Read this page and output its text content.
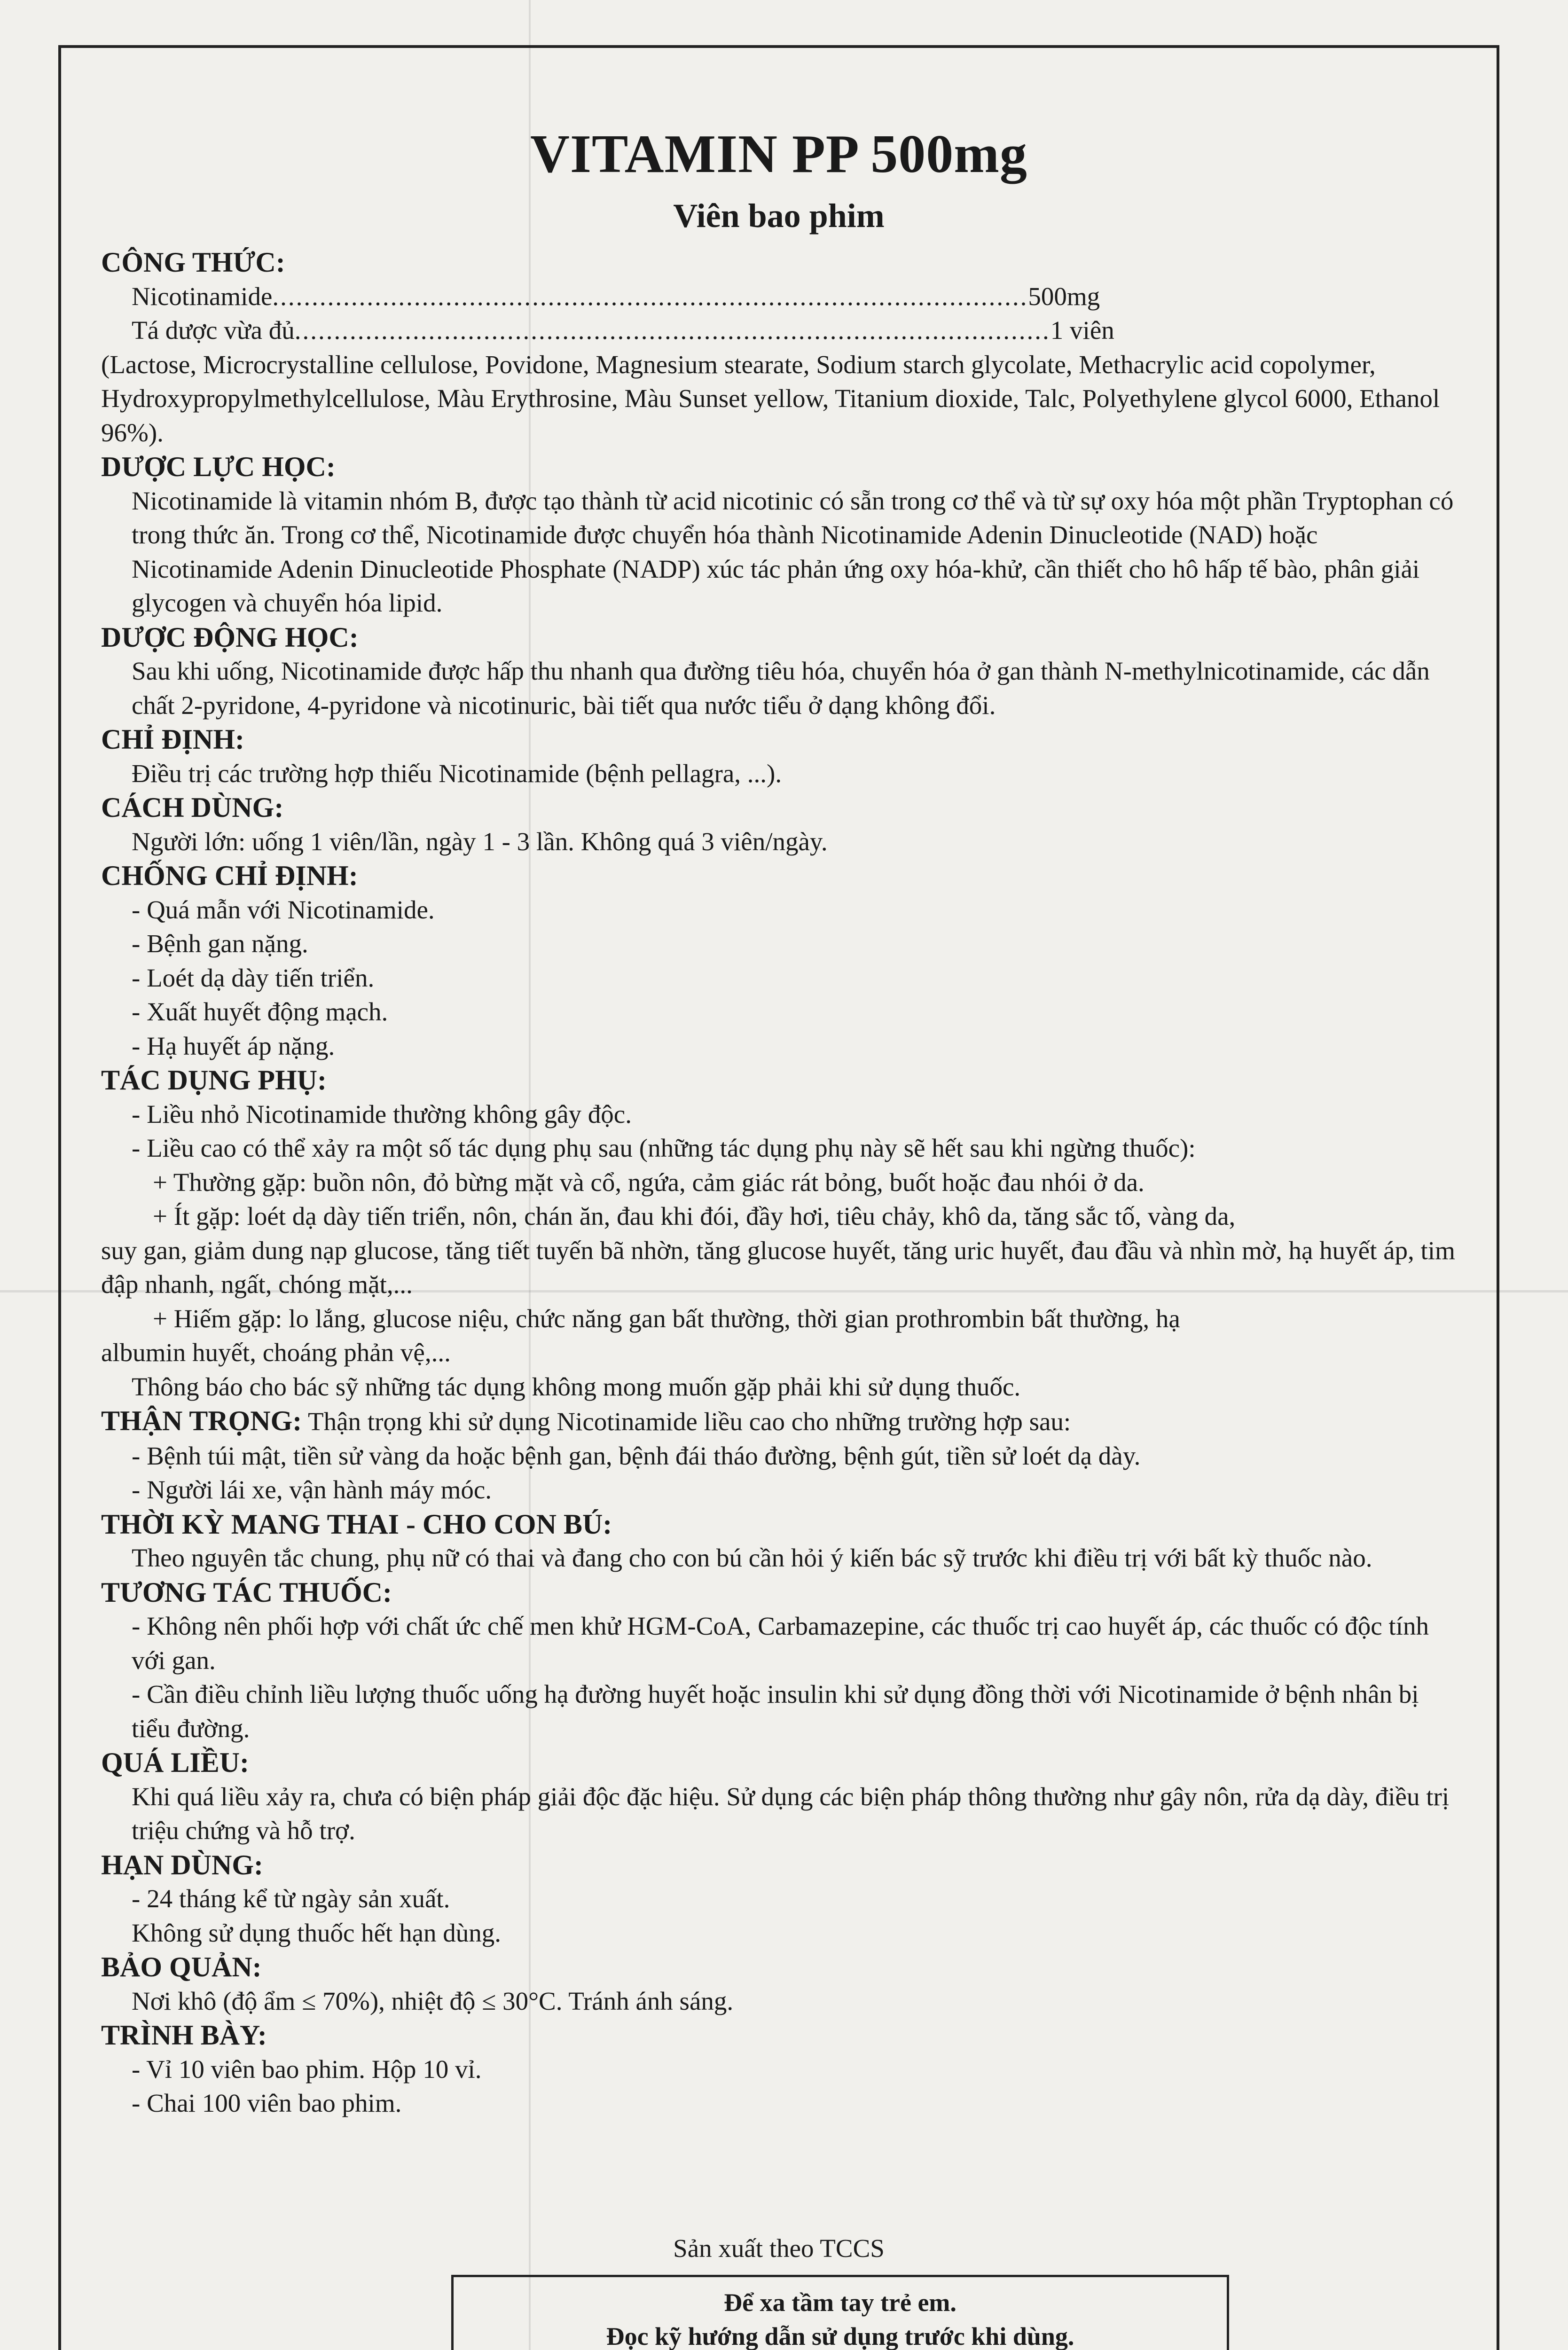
VITAMIN PP 500mg
Viên bao phim
CÔNG THỨC:
Nicotinamide ................................................................................................ 500mg
Tá dược vừa đủ ................................................................................................ 1 viên
(Lactose, Microcrystalline cellulose, Povidone, Magnesium stearate, Sodium starch glycolate, Methacrylic acid copolymer, Hydroxypropylmethylcellulose, Màu Erythrosine, Màu Sunset yellow, Titanium dioxide, Talc, Polyethylene glycol 6000, Ethanol 96%).
DƯỢC LỰC HỌC:
Nicotinamide là vitamin nhóm B, được tạo thành từ acid nicotinic có sẵn trong cơ thể và từ sự oxy hóa một phần Tryptophan có trong thức ăn. Trong cơ thể, Nicotinamide được chuyển hóa thành Nicotinamide Adenin Dinucleotide (NAD) hoặc Nicotinamide Adenin Dinucleotide Phosphate (NADP) xúc tác phản ứng oxy hóa-khử, cần thiết cho hô hấp tế bào, phân giải glycogen và chuyển hóa lipid.
DƯỢC ĐỘNG HỌC:
Sau khi uống, Nicotinamide được hấp thu nhanh qua đường tiêu hóa, chuyển hóa ở gan thành N-methylnicotinamide, các dẫn chất 2-pyridone, 4-pyridone và nicotinuric, bài tiết qua nước tiểu ở dạng không đổi.
CHỈ ĐỊNH:
Điều trị các trường hợp thiếu Nicotinamide (bệnh pellagra, ...).
CÁCH DÙNG:
Người lớn: uống 1 viên/lần, ngày 1 - 3 lần. Không quá 3 viên/ngày.
CHỐNG CHỈ ĐỊNH:
- Quá mẫn với Nicotinamide.
- Bệnh gan nặng.
- Loét dạ dày tiến triển.
- Xuất huyết động mạch.
- Hạ huyết áp nặng.
TÁC DỤNG PHỤ:
- Liều nhỏ Nicotinamide thường không gây độc.
- Liều cao có thể xảy ra một số tác dụng phụ sau (những tác dụng phụ này sẽ hết sau khi ngừng thuốc):
+ Thường gặp: buồn nôn, đỏ bừng mặt và cổ, ngứa, cảm giác rát bỏng, buốt hoặc đau nhói ở da.
+ Ít gặp: loét dạ dày tiến triển, nôn, chán ăn, đau khi đói, đầy hơi, tiêu chảy, khô da, tăng sắc tố, vàng da,
suy gan, giảm dung nạp glucose, tăng tiết tuyến bã nhờn, tăng glucose huyết, tăng uric huyết, đau đầu và nhìn mờ, hạ huyết áp, tim đập nhanh, ngất, chóng mặt,...
+ Hiếm gặp: lo lắng, glucose niệu, chức năng gan bất thường, thời gian prothrombin bất thường, hạ
albumin huyết, choáng phản vệ,...
Thông báo cho bác sỹ những tác dụng không mong muốn gặp phải khi sử dụng thuốc.
THẬN TRỌNG: Thận trọng khi sử dụng Nicotinamide liều cao cho những trường hợp sau:
- Bệnh túi mật, tiền sử vàng da hoặc bệnh gan, bệnh đái tháo đường, bệnh gút, tiền sử loét dạ dày.
- Người lái xe, vận hành máy móc.
THỜI KỲ MANG THAI - CHO CON BÚ:
Theo nguyên tắc chung, phụ nữ có thai và đang cho con bú cần hỏi ý kiến bác sỹ trước khi điều trị với bất kỳ thuốc nào.
TƯƠNG TÁC THUỐC:
- Không nên phối hợp với chất ức chế men khử HGM-CoA, Carbamazepine, các thuốc trị cao huyết áp, các thuốc có độc tính với gan.
- Cần điều chỉnh liều lượng thuốc uống hạ đường huyết hoặc insulin khi sử dụng đồng thời với Nicotinamide ở bệnh nhân bị tiểu đường.
QUÁ LIỀU:
Khi quá liều xảy ra, chưa có biện pháp giải độc đặc hiệu. Sử dụng các biện pháp thông thường như gây nôn, rửa dạ dày, điều trị triệu chứng và hỗ trợ.
HẠN DÙNG:
- 24 tháng kể từ ngày sản xuất.
Không sử dụng thuốc hết hạn dùng.
BẢO QUẢN:
Nơi khô (độ ẩm ≤ 70%), nhiệt độ ≤ 30°C. Tránh ánh sáng.
TRÌNH BÀY:
- Vỉ 10 viên bao phim. Hộp 10 vỉ.
- Chai 100 viên bao phim.
Sản xuất theo TCCS
Để xa tầm tay trẻ em.
Đọc kỹ hướng dẫn sử dụng trước khi dùng.
